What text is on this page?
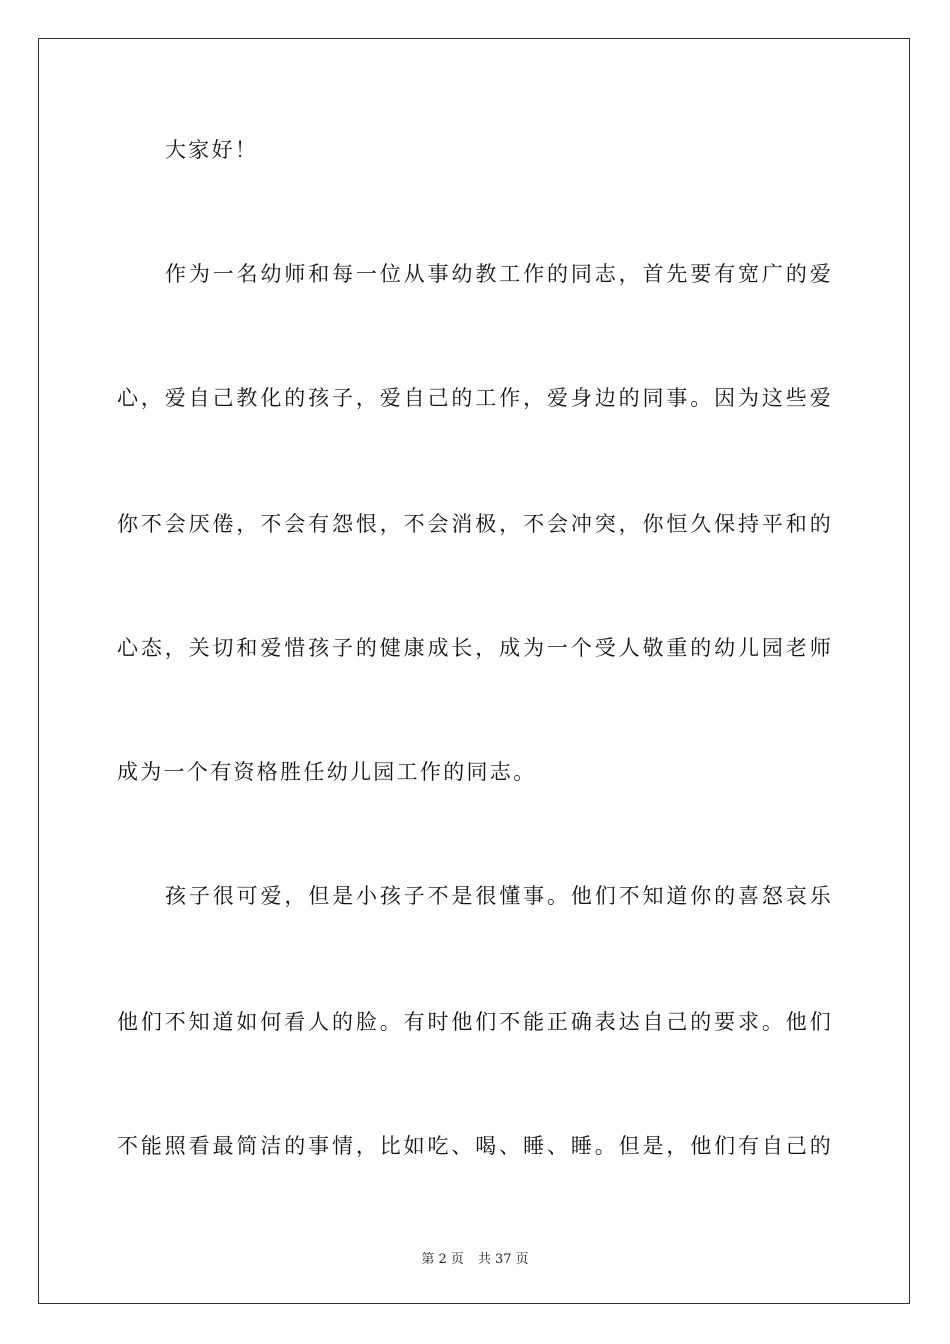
大家好！
作为一名幼师和每一位从事幼教工作的同志，首先要有宽广的爱
心，爱自己教化的孩子，爱自己的工作，爱身边的同事。因为这些爱
你不会厌倦，不会有怨恨，不会消极，不会冲突，你恒久保持平和的
心态，关切和爱惜孩子的健康成长，成为一个受人敬重的幼儿园老师
成为一个有资格胜任幼儿园工作的同志。
孩子很可爱，但是小孩子不是很懂事。他们不知道你的喜怒哀乐
他们不知道如何看人的脸。有时他们不能正确表达自己的要求。他们
不能照看最简洁的事情，比如吃、喝、睡、睡。但是，他们有自己的
第 2 页 共 37 页
